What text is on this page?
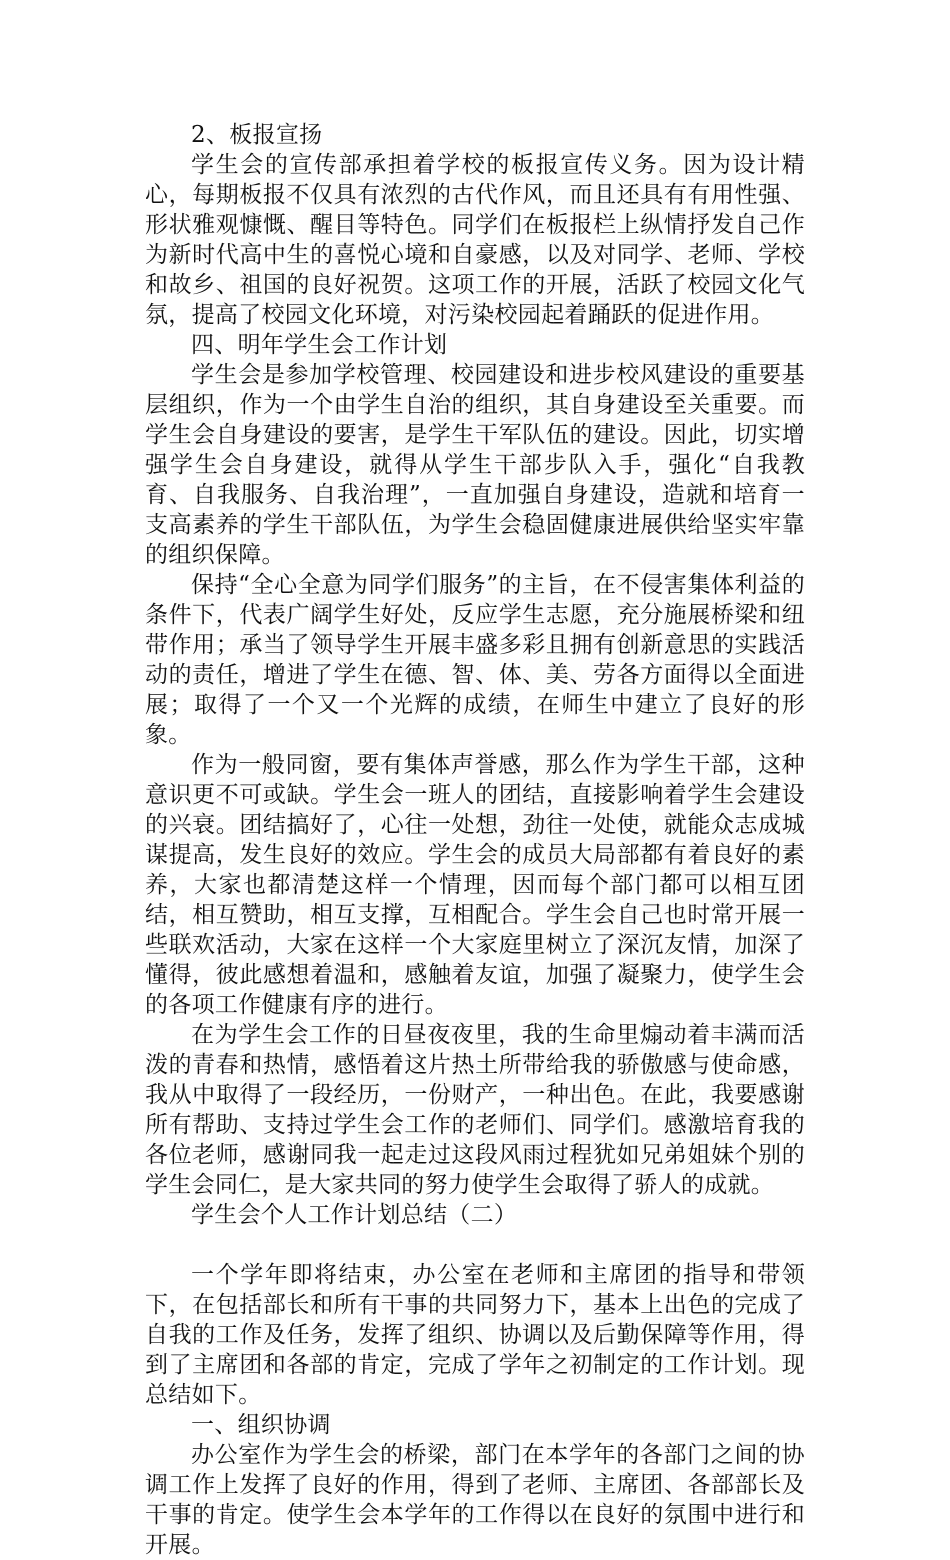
2、板报宣扬

学生会的宣传部承担着学校的板报宣传义务。因为设计精心，每期板报不仅具有浓烈的古代作风，而且还具有有用性强、形状雅观慷慨、醒目等特色。同学们在板报栏上纵情抒发自己作为新时代高中生的喜悦心境和自豪感，以及对同学、老师、学校和故乡、祖国的良好祝贺。这项工作的开展，活跃了校园文化气氛，提高了校园文化环境，对污染校园起着踊跃的促进作用。

四、明年学生会工作计划

学生会是参加学校管理、校园建设和进步校风建设的重要基层组织，作为一个由学生自治的组织，其自身建设至关重要。而学生会自身建设的要害，是学生干军队伍的建设。因此，切实增强学生会自身建设，就得从学生干部步队入手，强化“自我教育、自我服务、自我治理”，一直加强自身建设，造就和培育一支高素养的学生干部队伍，为学生会稳固健康进展供给坚实牢靠的组织保障。

保持“全心全意为同学们服务”的主旨，在不侵害集体利益的条件下，代表广阔学生好处，反应学生志愿，充分施展桥梁和纽带作用；承当了领导学生开展丰盛多彩且拥有创新意思的实践活动的责任，增进了学生在德、智、体、美、劳各方面得以全面进展；取得了一个又一个光辉的成绩，在师生中建立了良好的形象。

作为一般同窗，要有集体声誉感，那么作为学生干部，这种意识更不可或缺。学生会一班人的团结，直接影响着学生会建设的兴衰。团结搞好了，心往一处想，劲往一处使，就能众志成城谋提高，发生良好的效应。学生会的成员大局部都有着良好的素养，大家也都清楚这样一个情理，因而每个部门都可以相互团结，相互赞助，相互支撑，互相配合。学生会自己也时常开展一些联欢活动，大家在这样一个大家庭里树立了深沉友情，加深了懂得，彼此感想着温和，感触着友谊，加强了凝聚力，使学生会的各项工作健康有序的进行。

在为学生会工作的日昼夜夜里，我的生命里煽动着丰满而活泼的青春和热情，感悟着这片热土所带给我的骄傲感与使命感，我从中取得了一段经历，一份财产，一种出色。在此，我要感谢所有帮助、支持过学生会工作的老师们、同学们。感激培育我的各位老师，感谢同我一起走过这段风雨过程犹如兄弟姐妹个别的学生会同仁，是大家共同的努力使学生会取得了骄人的成就。

学生会个人工作计划总结（二）

一个学年即将结束，办公室在老师和主席团的指导和带领下，在包括部长和所有干事的共同努力下，基本上出色的完成了自我的工作及任务，发挥了组织、协调以及后勤保障等作用，得到了主席团和各部的肯定，完成了学年之初制定的工作计划。现总结如下。

一、组织协调

办公室作为学生会的桥梁，部门在本学年的各部门之间的协调工作上发挥了良好的作用，得到了老师、主席团、各部部长及干事的肯定。使学生会本学年的工作得以在良好的氛围中进行和开展。
